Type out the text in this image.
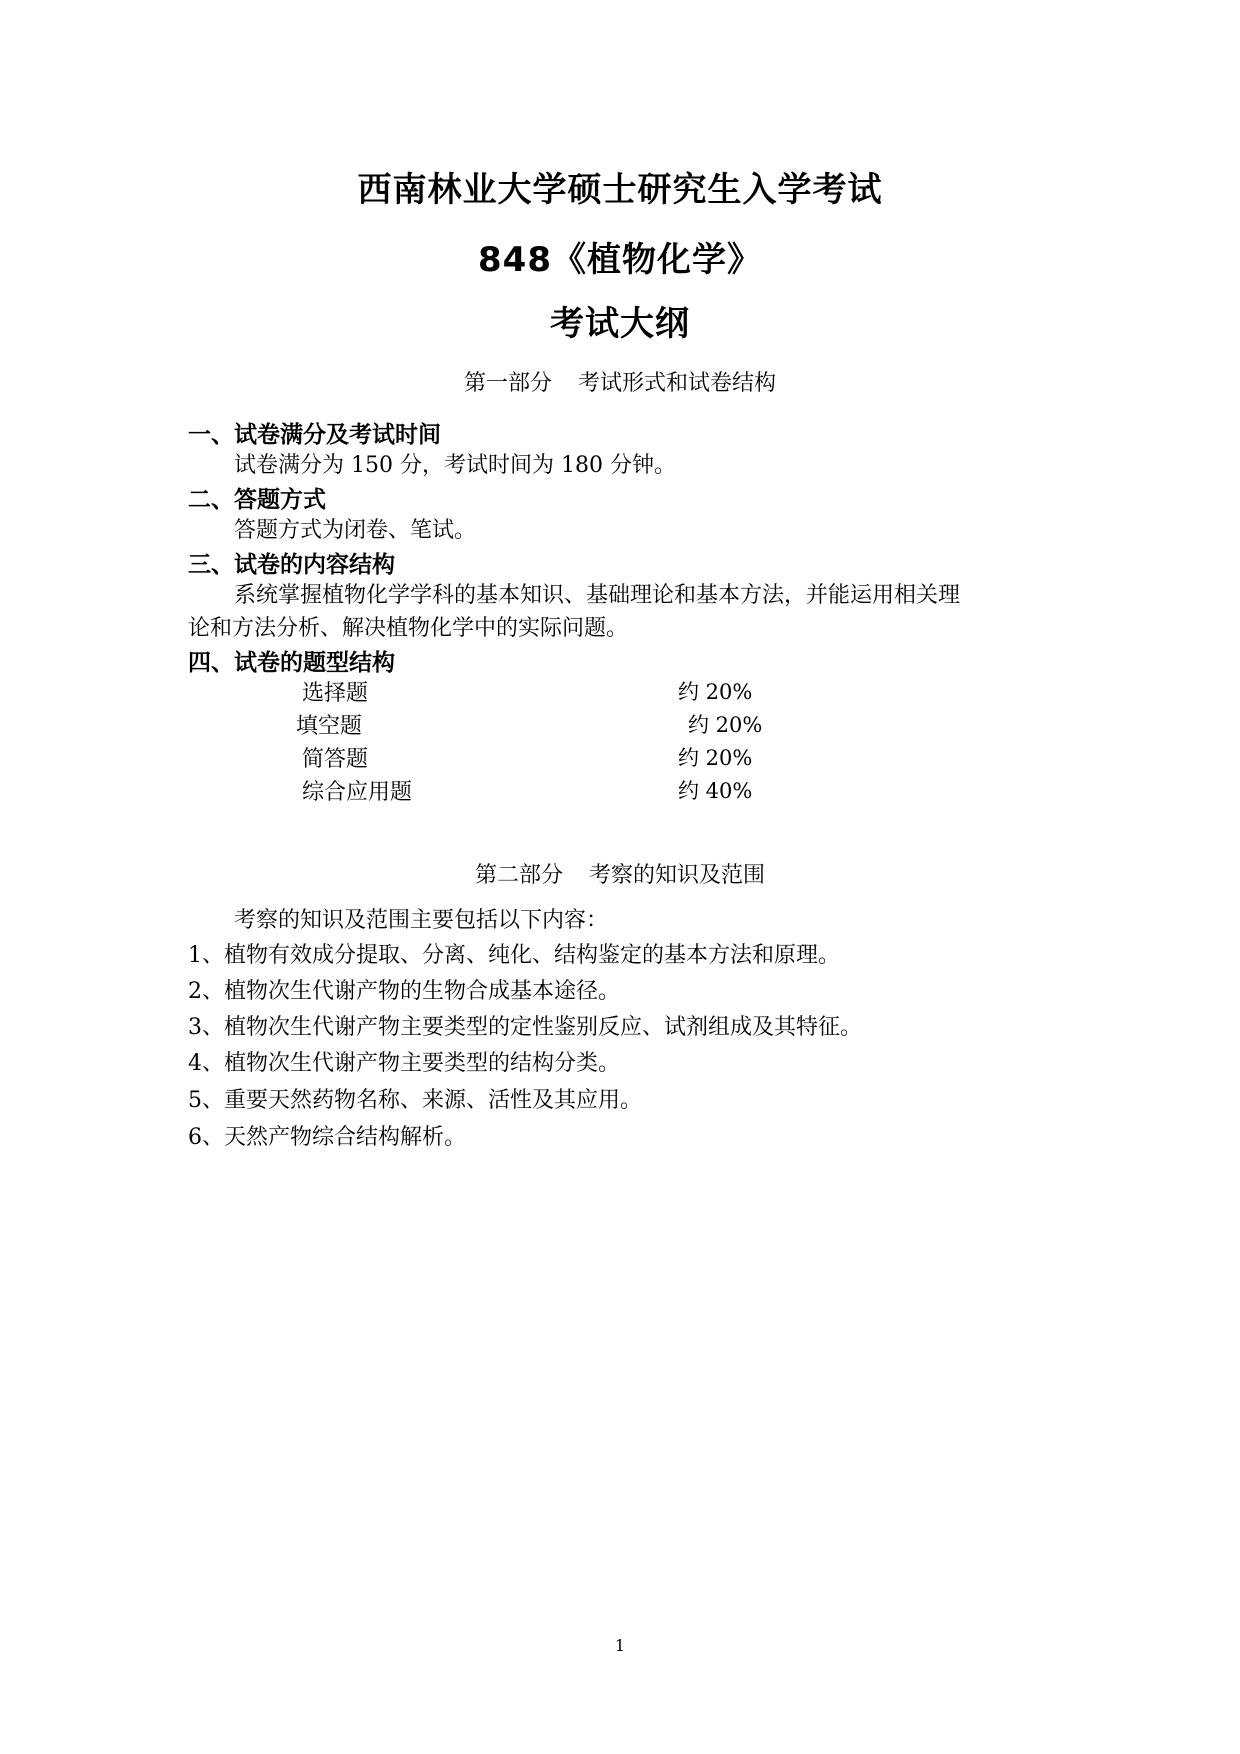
西南林业大学硕士研究生入学考试
848《植物化学》
考试大纲
第一部分 考试形式和试卷结构
一、试卷满分及考试时间
试卷满分为 150 分，考试时间为 180 分钟。
二、答题方式
答题方式为闭卷、笔试。
三、试卷的内容结构
系统掌握植物化学学科的基本知识、基础理论和基本方法，并能运用相关理
论和方法分析、解决植物化学中的实际问题。
四、试卷的题型结构
选择题	约 20%
填空题	约 20%
简答题	约 20%
综合应用题	约 40%
第二部分 考察的知识及范围
考察的知识及范围主要包括以下内容：
1、植物有效成分提取、分离、纯化、结构鉴定的基本方法和原理。
2、植物次生代谢产物的生物合成基本途径。
3、植物次生代谢产物主要类型的定性鉴别反应、试剂组成及其特征。
4、植物次生代谢产物主要类型的结构分类。
5、重要天然药物名称、来源、活性及其应用。
6、天然产物综合结构解析。
1
